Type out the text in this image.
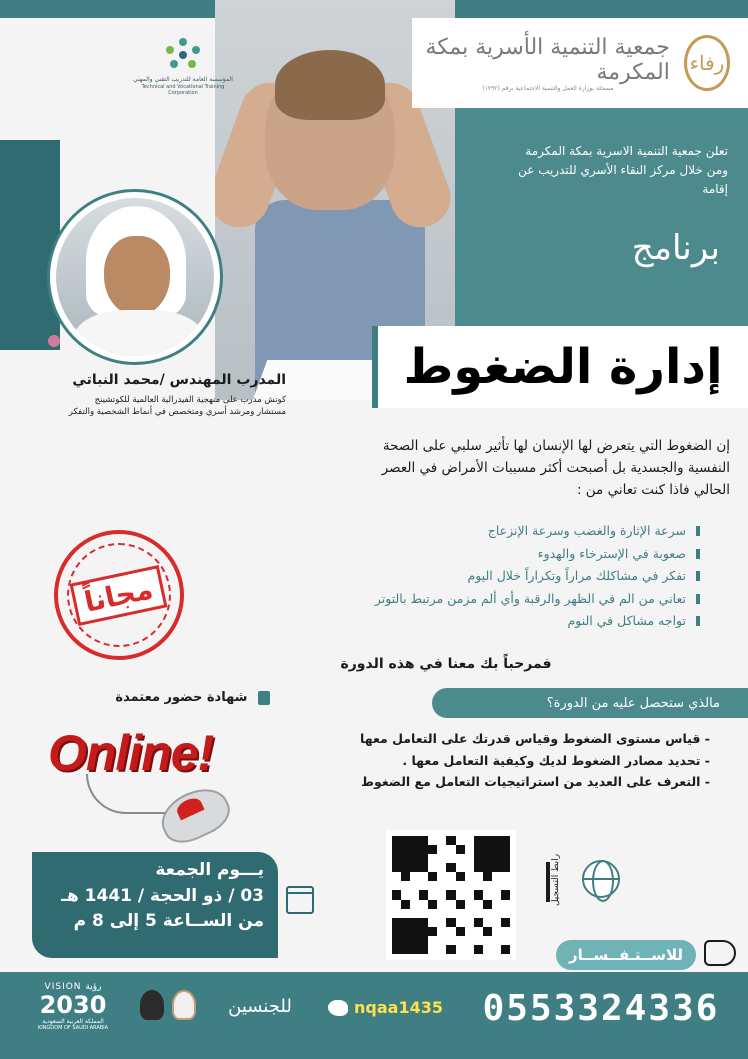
المؤسسة العامة للتدريب التقني والمهني
Technical and Vocational Training Corporation
جمعية التنمية الأسرية بمكة المكرمة
مسجلة بوزارة العمل والتنمية الاجتماعية برقم (١٢٩٢)
رفاء
تعلن جمعية التنمية الاسرية بمكة المكرمة
ومن خلال مركز النقاء الأسري للتدريب عن
إقامة
برنامج
إدارة الضغوط
المدرب المهندس /محمد النباتي
كوتش مدرب على منهجية الفيدرالية العالمية للكوتشينج
مستشار ومرشد أسري ومتخصص في أنماط الشخصية والتفكر
إن الضغوط التي يتعرض لها الإنسان لها تأثير سلبي على الصحة
النفسية والجسدية بل أصبحت أكثر مسببات الأمراض في العصر
الحالي فاذا كنت تعاني من :
سرعة الإثارة والغضب وسرعة الإنزعاج
صعوبة في الإسترخاء والهدوء
تفكر في مشاكلك مراراً وتكراراً خلال اليوم
تعاني من الم في الظهر والرقبة وأي ألم مزمن مرتبط بالتوتر
تواجه مشاكل في النوم
مجاناً
فمرحباً بك معنا في هذه الدورة
شهادة حضور معتمدة	مالذي ستحصل عليه من الدورة؟
- قياس مستوى الضغوط وقياس قدرتك على التعامل معها
- تحديد مصادر الضغوط لديك وكيفية التعامل معها .
- التعرف على العديد من استراتيجيات التعامل مع الضغوط
Online!
يـــوم الجمعة
03 / ذو الحجة / 1441 هـ
من الســاعة 5 إلى 8 م
رابط التسجيل
للاســتـفــســار
0553324336
nqaa1435
للجنسين
VISION رؤية
2030
المملكة العربية السعودية
KINGDOM OF SAUDI ARABIA
